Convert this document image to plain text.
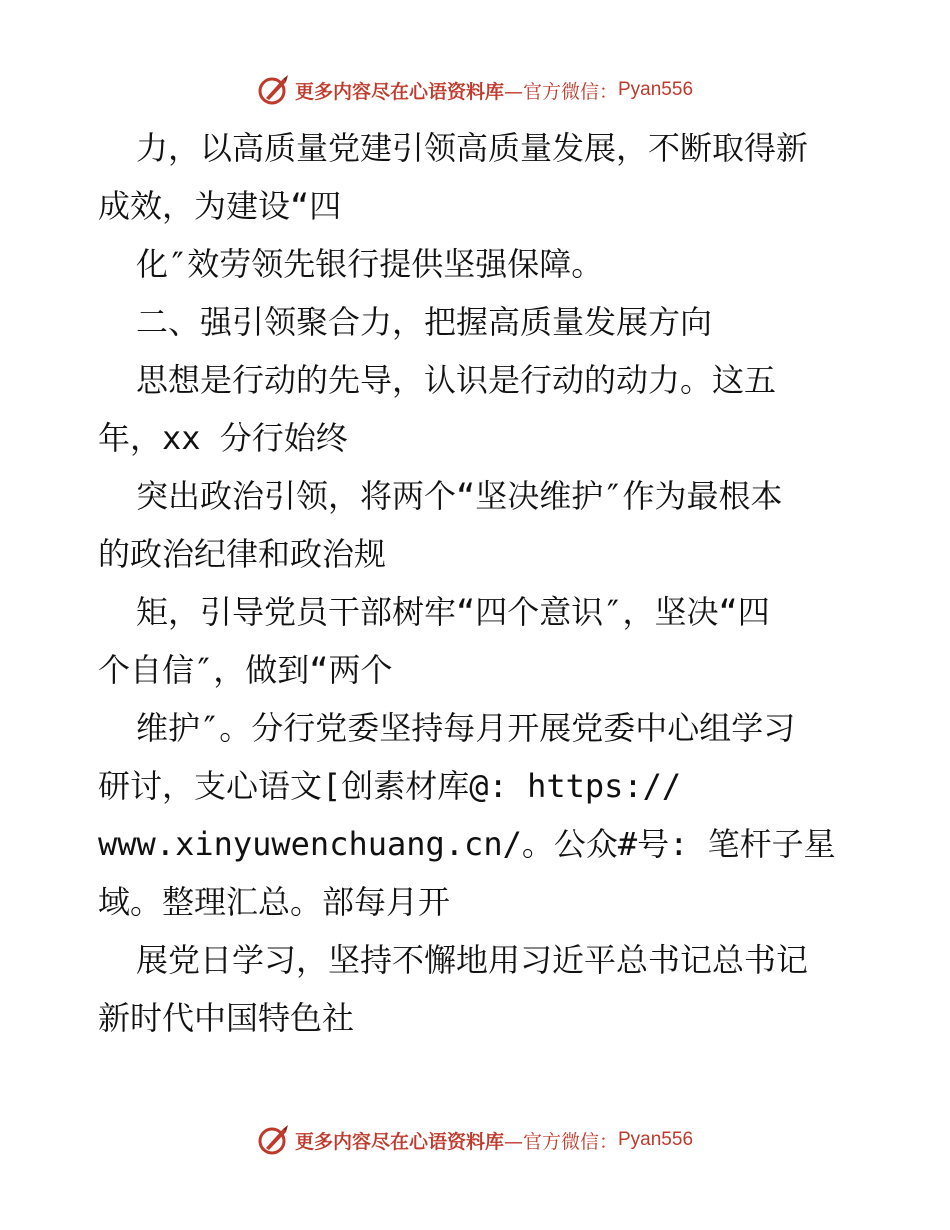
更多内容尽在心语资料库 —官方微信： Pyan556
力，以高质量党建引领高质量发展，不断取得新
成效，为建设“四
化″效劳领先银行提供坚强保障。
二、强引领聚合力，把握高质量发展方向
思想是行动的先导，认识是行动的动力。这五
年，xx 分行始终
突出政治引领，将两个“坚决维护″作为最根本
的政治纪律和政治规
矩，引导党员干部树牢“四个意识″，坚决“四
个自信″，做到“两个
维护″。分行党委坚持每月开展党委中心组学习
研讨，支心语文[创素材库@: https://
www.xinyuwenchuang.cn/。公众#号: 笔杆子星
域。整理汇总。部每月开
展党日学习，坚持不懈地用习近平总书记总书记
新时代中国特色社
更多内容尽在心语资料库 —官方微信： Pyan556
